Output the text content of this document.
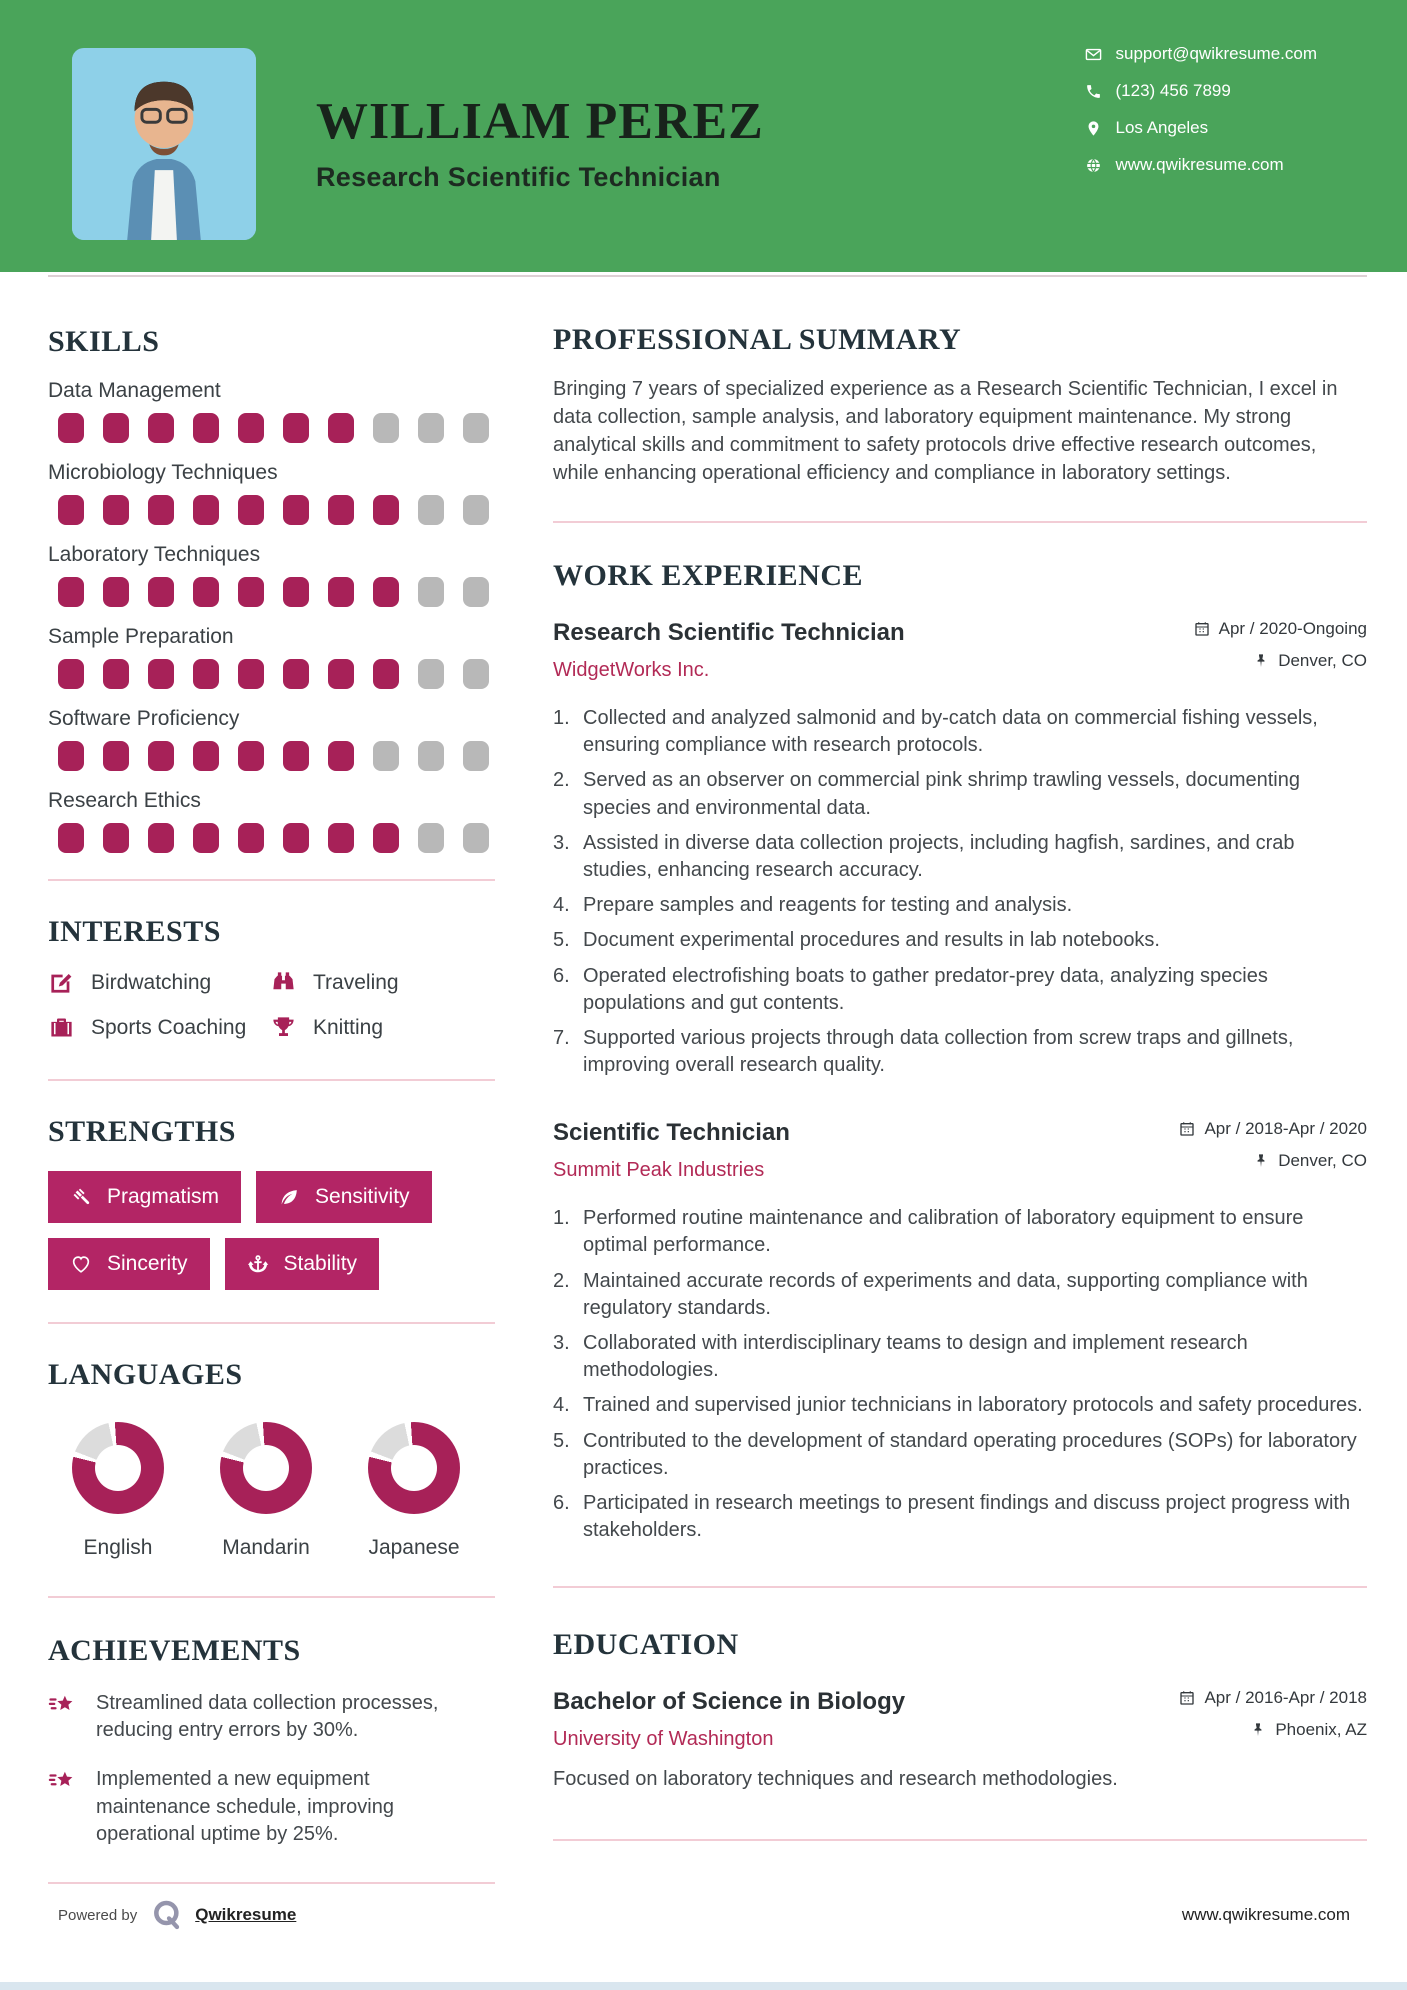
WILLIAM PEREZ
Research Scientific Technician
support@qwikresume.com
(123) 456 7899
Los Angeles
www.qwikresume.com
SKILLS
Data Management
Microbiology Techniques
Laboratory Techniques
Sample Preparation
Software Proficiency
Research Ethics
INTERESTS
Birdwatching	Traveling
Sports Coaching	Knitting
STRENGTHS
Pragmatism	Sensitivity
Sincerity	Stability
LANGUAGES
English	Mandarin	Japanese
ACHIEVEMENTS
Streamlined data collection processes, reducing entry errors by 30%.
Implemented a new equipment maintenance schedule, improving operational uptime by 25%.
PROFESSIONAL SUMMARY

Bringing 7 years of specialized experience as a Research Scientific Technician, I excel in data collection, sample analysis, and laboratory equipment maintenance. My strong analytical skills and commitment to safety protocols drive effective research outcomes, while enhancing operational efficiency and compliance in laboratory settings.

WORK EXPERIENCE
Research Scientific Technician
WidgetWorks Inc.
Apr / 2020-Ongoing
Denver, CO
Collected and analyzed salmonid and by-catch data on commercial fishing vessels, ensuring compliance with research protocols.
Served as an observer on commercial pink shrimp trawling vessels, documenting species and environmental data.
Assisted in diverse data collection projects, including hagfish, sardines, and crab studies, enhancing research accuracy.
Prepare samples and reagents for testing and analysis.
Document experimental procedures and results in lab notebooks.
Operated electrofishing boats to gather predator-prey data, analyzing species populations and gut contents.
Supported various projects through data collection from screw traps and gillnets, improving overall research quality.
Scientific Technician
Summit Peak Industries
Apr / 2018-Apr / 2020
Denver, CO
Performed routine maintenance and calibration of laboratory equipment to ensure optimal performance.
Maintained accurate records of experiments and data, supporting compliance with regulatory standards.
Collaborated with interdisciplinary teams to design and implement research methodologies.
Trained and supervised junior technicians in laboratory protocols and safety procedures.
Contributed to the development of standard operating procedures (SOPs) for laboratory practices.
Participated in research meetings to present findings and discuss project progress with stakeholders.
EDUCATION
Bachelor of Science in Biology
University of Washington
Apr / 2016-Apr / 2018
Phoenix, AZ

Focused on laboratory techniques and research methodologies.

Powered by	Qwikresume	www.qwikresume.com
